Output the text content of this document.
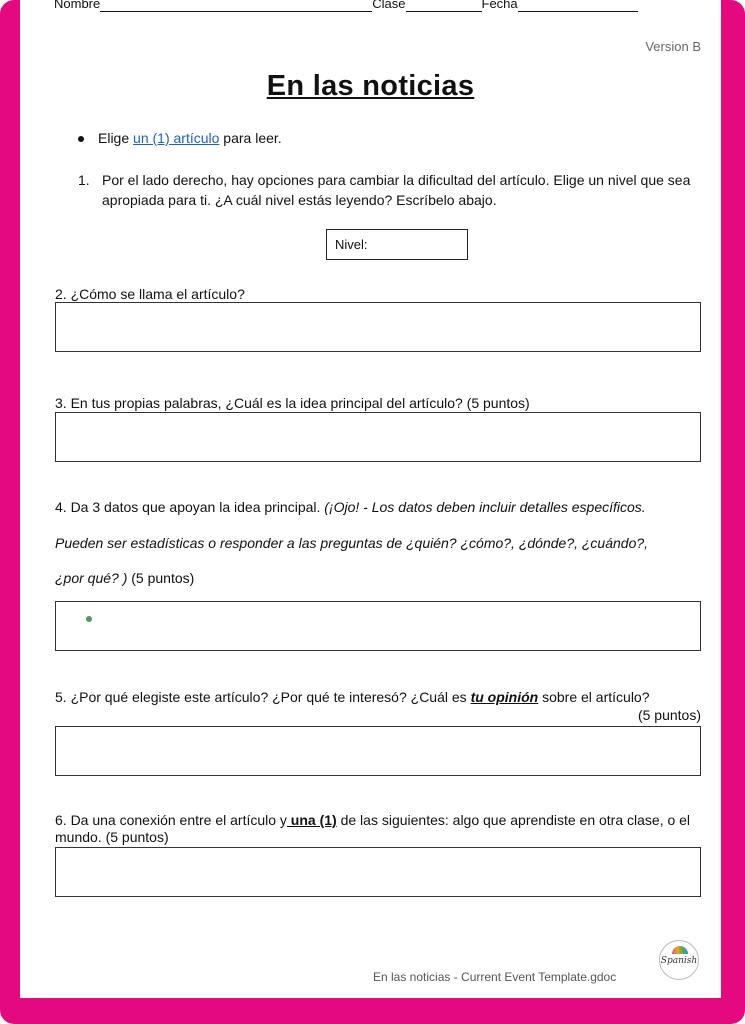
Nombre	Clase	Fecha
Version B
En las noticias
Elige un (1) artículo para leer.
1. Por el lado derecho, hay opciones para cambiar la dificultad del artículo. Elige un nivel que sea apropiada para ti. ¿A cuál nivel estás leyendo? Escríbelo abajo.
Nivel:
2. ¿Cómo se llama el artículo?
3. En tus propias palabras, ¿Cuál es la idea principal del artículo? (5 puntos)
4. Da 3 datos que apoyan la idea principal. (¡Ojo! - Los datos deben incluir detalles específicos.
Pueden ser estadísticas o responder a las preguntas de ¿quién? ¿cómo?, ¿dónde?, ¿cuándo?,
¿por qué? ) (5 puntos)
5. ¿Por qué elegiste este artículo? ¿Por qué te interesó? ¿Cuál es tu opinión sobre el artículo?
(5 puntos)
6. Da una conexión entre el artículo y una (1) de las siguientes: algo que aprendiste en otra clase, o el mundo. (5 puntos)
En las noticias - Current Event Template.gdoc
Spanish
